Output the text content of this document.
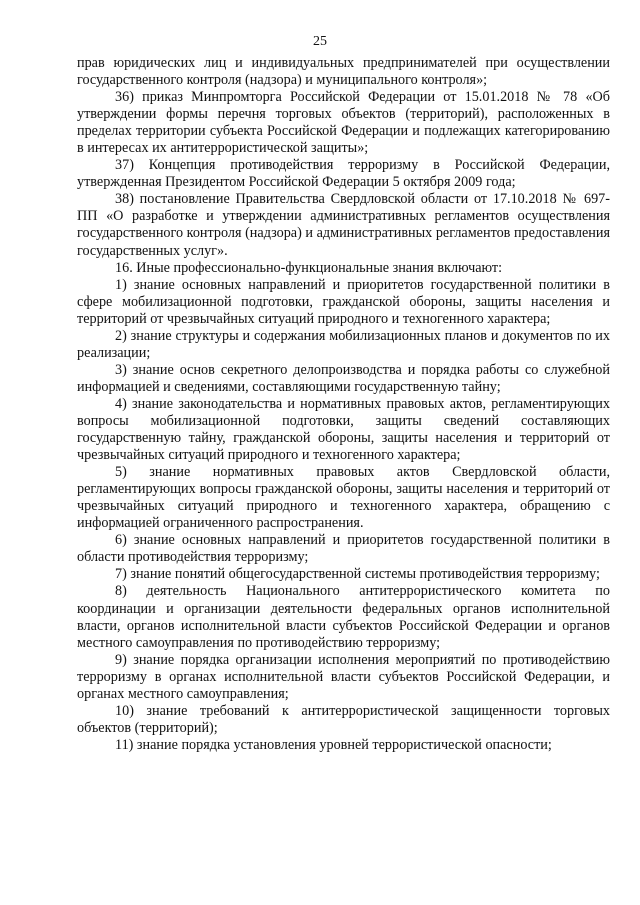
25

прав юридических лиц и индивидуальных предпринимателей при осуществлении государственного контроля (надзора) и муниципального контроля»;

36) приказ Минпромторга Российской Федерации от 15.01.2018 № 78 «Об утверждении формы перечня торговых объектов (территорий), расположенных в пределах территории субъекта Российской Федерации и подлежащих категорированию в интересах их антитеррористической защиты»;

37) Концепция противодействия терроризму в Российской Федерации, утвержденная Президентом Российской Федерации 5 октября 2009 года;

38) постановление Правительства Свердловской области от 17.10.2018 № 697-ПП «О разработке и утверждении административных регламентов осуществления государственного контроля (надзора) и административных регламентов предоставления государственных услуг».

16. Иные профессионально-функциональные знания включают:

1) знание основных направлений и приоритетов государственной политики в сфере мобилизационной подготовки, гражданской обороны, защиты населения и территорий от чрезвычайных ситуаций природного и техногенного характера;

2) знание структуры и содержания мобилизационных планов и документов по их реализации;

3) знание основ секретного делопроизводства и порядка работы со служебной информацией и сведениями, составляющими государственную тайну;

4) знание законодательства и нормативных правовых актов, регламентирующих вопросы мобилизационной подготовки, защиты сведений составляющих государственную тайну, гражданской обороны, защиты населения и территорий от чрезвычайных ситуаций природного и техногенного характера;

5) знание нормативных правовых актов Свердловской области, регламентирующих вопросы гражданской обороны, защиты населения и территорий от чрезвычайных ситуаций природного и техногенного характера, обращению с информацией ограниченного распространения.

6) знание основных направлений и приоритетов государственной политики в области противодействия терроризму;

7) знание понятий общегосударственной системы противодействия терроризму;

8) деятельность Национального антитеррористического комитета по координации и организации деятельности федеральных органов исполнительной власти, органов исполнительной власти субъектов Российской Федерации и органов местного самоуправления по противодействию терроризму;

9) знание порядка организации исполнения мероприятий по противодействию терроризму в органах исполнительной власти субъектов Российской Федерации, и органах местного самоуправления;

10) знание требований к антитеррористической защищенности торговых объектов (территорий);

11) знание порядка установления уровней террористической опасности;
